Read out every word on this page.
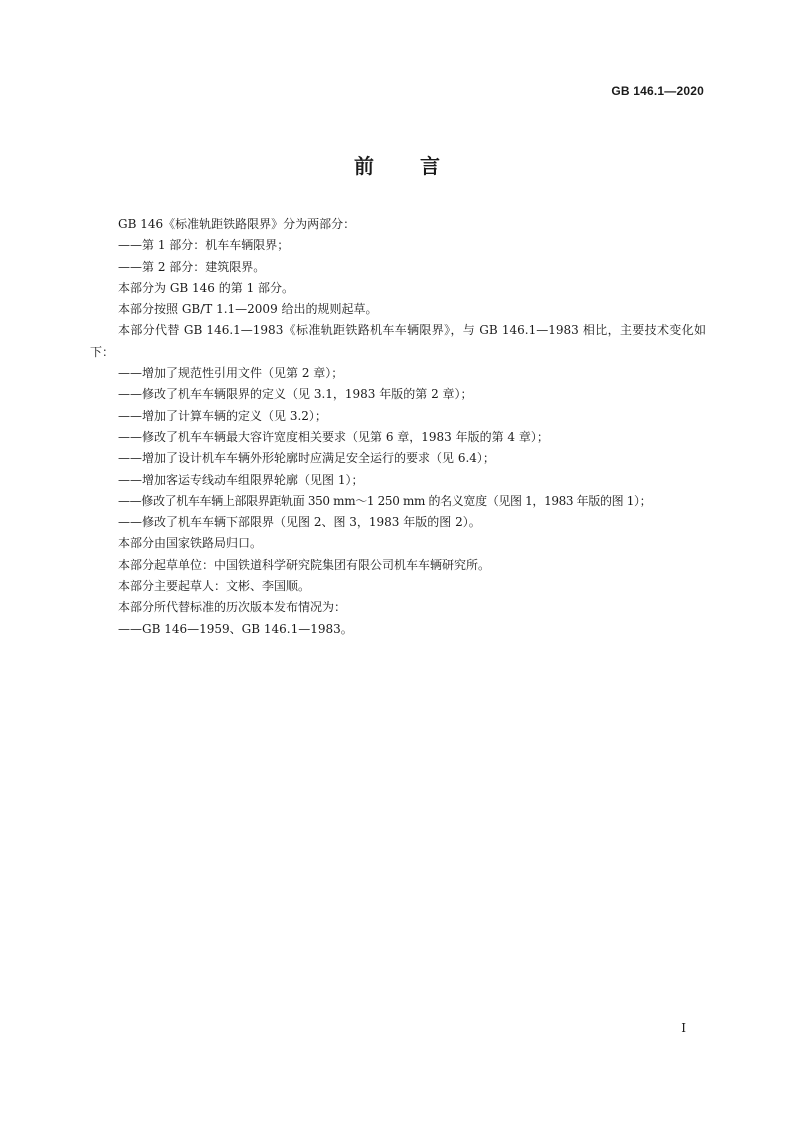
GB 146.1—2020
前言

GB 146《标准轨距铁路限界》分为两部分：

——第 1 部分：机车车辆限界；

——第 2 部分：建筑限界。

本部分为 GB 146 的第 1 部分。

本部分按照 GB/T 1.1—2009 给出的规则起草。

本部分代替 GB 146.1—1983《标准轨距铁路机车车辆限界》，与 GB 146.1—1983 相比，主要技术变化如下：

——增加了规范性引用文件（见第 2 章）；

——修改了机车车辆限界的定义（见 3.1，1983 年版的第 2 章）；

——增加了计算车辆的定义（见 3.2）；

——修改了机车车辆最大容许宽度相关要求（见第 6 章，1983 年版的第 4 章）；

——增加了设计机车车辆外形轮廓时应满足安全运行的要求（见 6.4）；

——增加客运专线动车组限界轮廓（见图 1）；

——修改了机车车辆上部限界距轨面 350 mm～1 250 mm 的名义宽度（见图 1，1983 年版的图 1）；

——修改了机车车辆下部限界（见图 2、图 3，1983 年版的图 2）。

本部分由国家铁路局归口。

本部分起草单位：中国铁道科学研究院集团有限公司机车车辆研究所。

本部分主要起草人：文彬、李国顺。

本部分所代替标准的历次版本发布情况为：

——GB 146—1959、GB 146.1—1983。

I
